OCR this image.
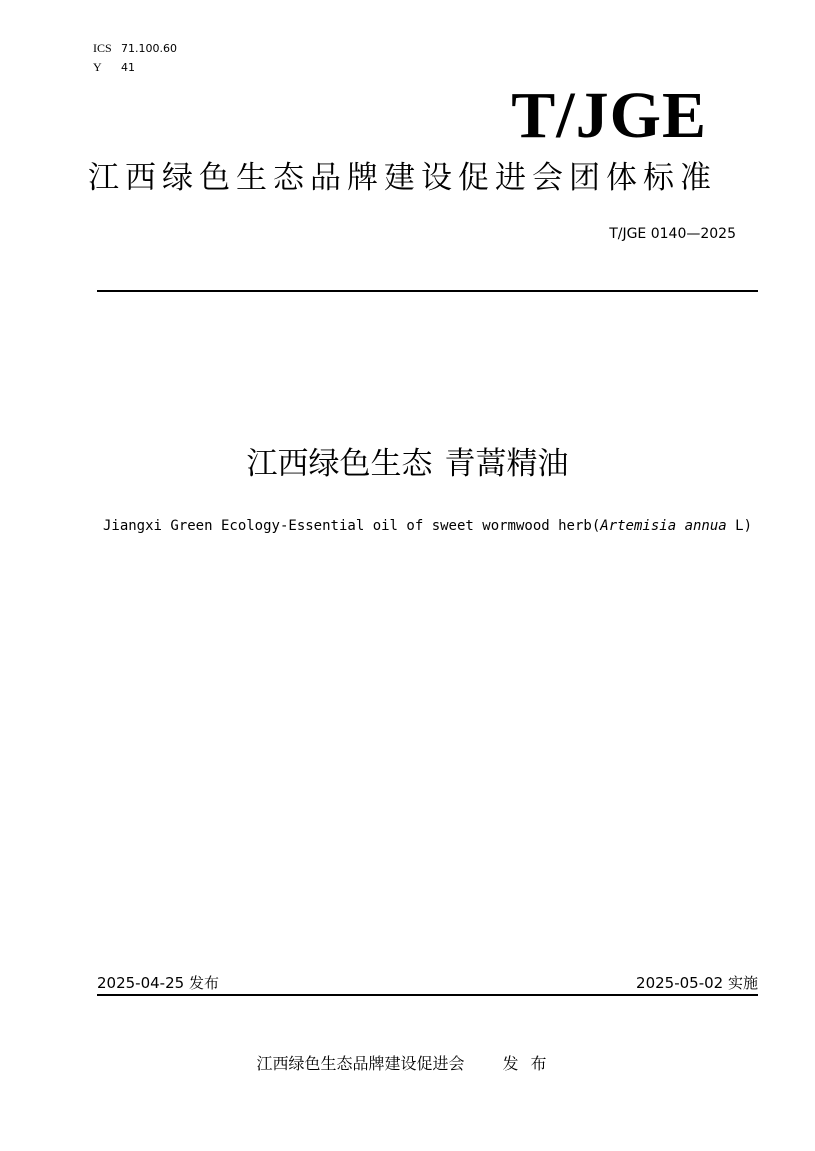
ICS 71.100.60
Y 41
T/JGE
江西绿色生态品牌建设促进会团体标准
T/JGE 0140—2025
江西绿色生态 青蒿精油
Jiangxi Green Ecology-Essential oil of sweet wormwood herb(Artemisia annua L)
2025-04-25 发布	2025-05-02 实施
江西绿色生态品牌建设促进会 发布
